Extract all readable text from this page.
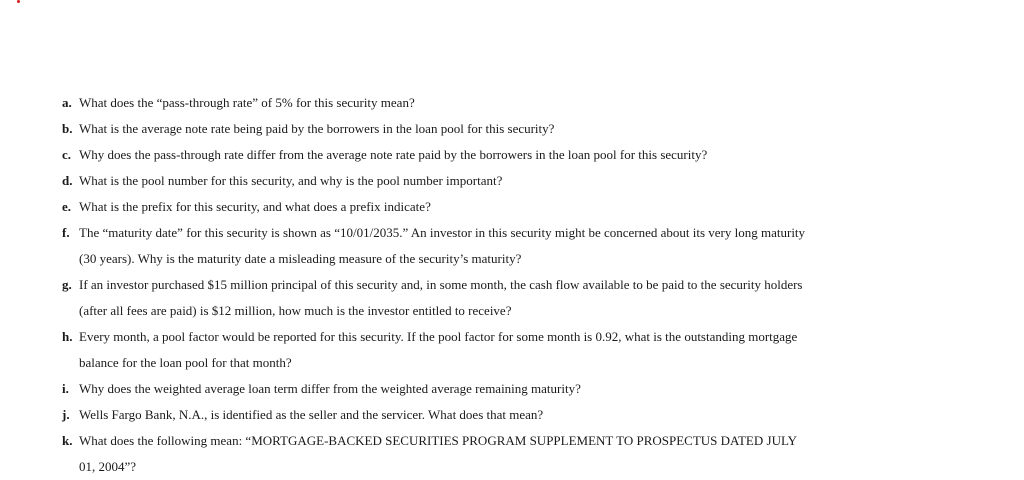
a. What does the “pass-through rate” of 5% for this security mean?
b. What is the average note rate being paid by the borrowers in the loan pool for this security?
c. Why does the pass-through rate differ from the average note rate paid by the borrowers in the loan pool for this security?
d. What is the pool number for this security, and why is the pool number important?
e. What is the prefix for this security, and what does a prefix indicate?
f. The “maturity date” for this security is shown as “10/01/2035.” An investor in this security might be concerned about its very long maturity
(30 years). Why is the maturity date a misleading measure of the security’s maturity?
g. If an investor purchased $15 million principal of this security and, in some month, the cash flow available to be paid to the security holders
(after all fees are paid) is $12 million, how much is the investor entitled to receive?
h. Every month, a pool factor would be reported for this security. If the pool factor for some month is 0.92, what is the outstanding mortgage
balance for the loan pool for that month?
i. Why does the weighted average loan term differ from the weighted average remaining maturity?
j. Wells Fargo Bank, N.A., is identified as the seller and the servicer. What does that mean?
k. What does the following mean: “MORTGAGE-BACKED SECURITIES PROGRAM SUPPLEMENT TO PROSPECTUS DATED JULY
01, 2004”?
